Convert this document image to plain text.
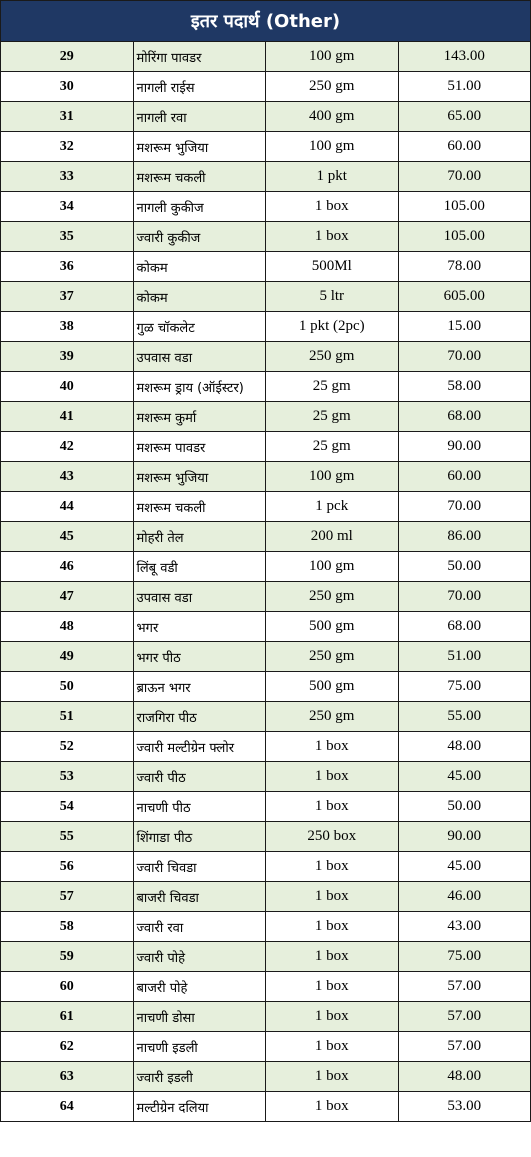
इतर पदार्थ (Other)			
29	मोरिंगा पावडर	100 gm	143.00
30	नागली राईस	250 gm	51.00
31	नागली रवा	400 gm	65.00
32	मशरूम भुजिया	100 gm	60.00
33	मशरूम चकली	1 pkt	70.00
34	नागली कुकीज	1 box	105.00
35	ज्वारी कुकीज	1 box	105.00
36	कोकम	500Ml	78.00
37	कोकम	5 ltr	605.00
38	गुळ चॉकलेट	1 pkt (2pc)	15.00
39	उपवास वडा	250 gm	70.00
40	मशरूम ड्राय (ऑईस्टर)	25 gm	58.00
41	मशरूम कुर्मा	25 gm	68.00
42	मशरूम पावडर	25 gm	90.00
43	मशरूम भुजिया	100 gm	60.00
44	मशरूम चकली	1 pck	70.00
45	मोहरी तेल	200 ml	86.00
46	लिंबू वडी	100 gm	50.00
47	उपवास वडा	250 gm	70.00
48	भगर	500 gm	68.00
49	भगर पीठ	250 gm	51.00
50	ब्राऊन भगर	500 gm	75.00
51	राजगिरा पीठ	250 gm	55.00
52	ज्वारी मल्टीग्रेन फ्लोर	1 box	48.00
53	ज्वारी पीठ	1 box	45.00
54	नाचणी पीठ	1 box	50.00
55	शिंगाडा पीठ	250 box	90.00
56	ज्वारी चिवडा	1 box	45.00
57	बाजरी चिवडा	1 box	46.00
58	ज्वारी रवा	1 box	43.00
59	ज्वारी पोहे	1 box	75.00
60	बाजरी पोहे	1 box	57.00
61	नाचणी डोसा	1 box	57.00
62	नाचणी इडली	1 box	57.00
63	ज्वारी इडली	1 box	48.00
64	मल्टीग्रेन दलिया	1 box	53.00
